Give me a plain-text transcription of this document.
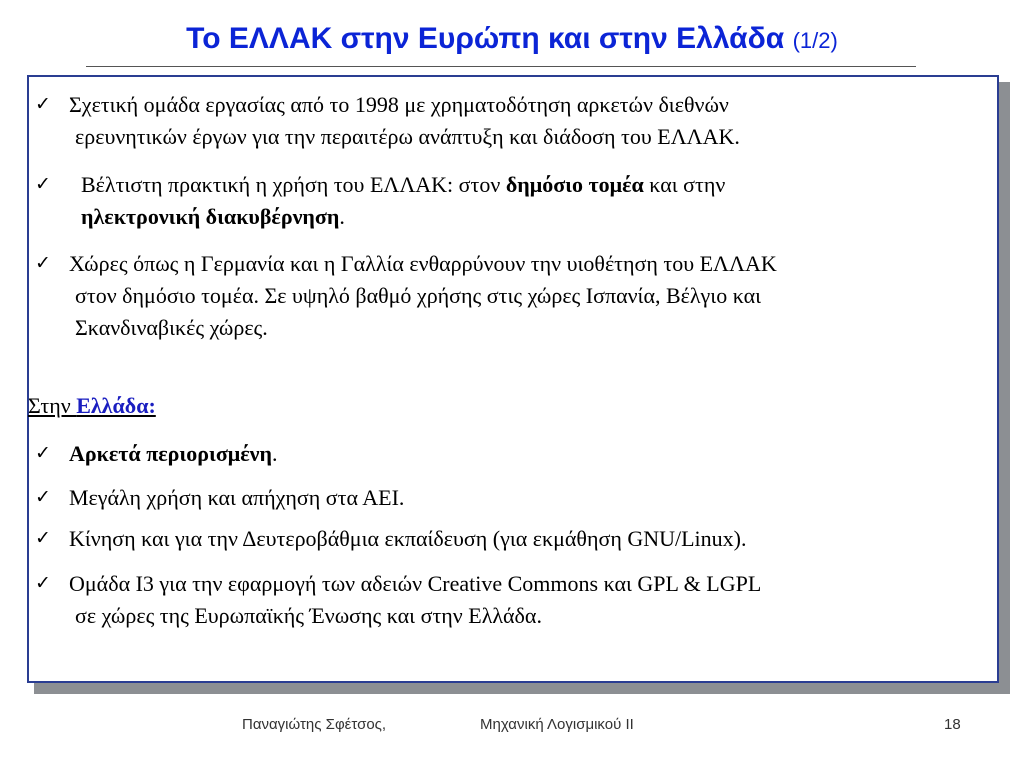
Το ΕΛΛΑΚ στην Ευρώπη και στην Ελλάδα (1/2)
✓ Σχετική ομάδα εργασίας από το 1998 με χρηματοδότηση αρκετών διεθνών
ερευνητικών έργων για την περαιτέρω ανάπτυξη και διάδοση του ΕΛΛΑΚ.
✓ Βέλτιστη πρακτική η χρήση του ΕΛΛΑΚ: στον δημόσιο τομέα και στην
ηλεκτρονική διακυβέρνηση.
✓ Χώρες όπως η Γερμανία και η Γαλλία ενθαρρύνουν την υιοθέτηση του ΕΛΛΑΚ
στον δημόσιο τομέα. Σε υψηλό βαθμό χρήσης στις χώρες Ισπανία, Βέλγιο και
Σκανδιναβικές χώρες.
Στην Ελλάδα:
✓ Αρκετά περιορισμένη.
✓ Μεγάλη χρήση και απήχηση στα ΑΕΙ.
✓ Κίνηση και για την Δευτεροβάθμια εκπαίδευση (για εκμάθηση GNU/Linux).
✓ Ομάδα Ι3 για την εφαρμογή των αδειών Creative Commons και GPL & LGPL
σε χώρες της Ευρωπαϊκής Ένωσης και στην Ελλάδα.
Παναγιώτης Σφέτσος,	Μηχανική Λογισμικού ΙΙ	18
